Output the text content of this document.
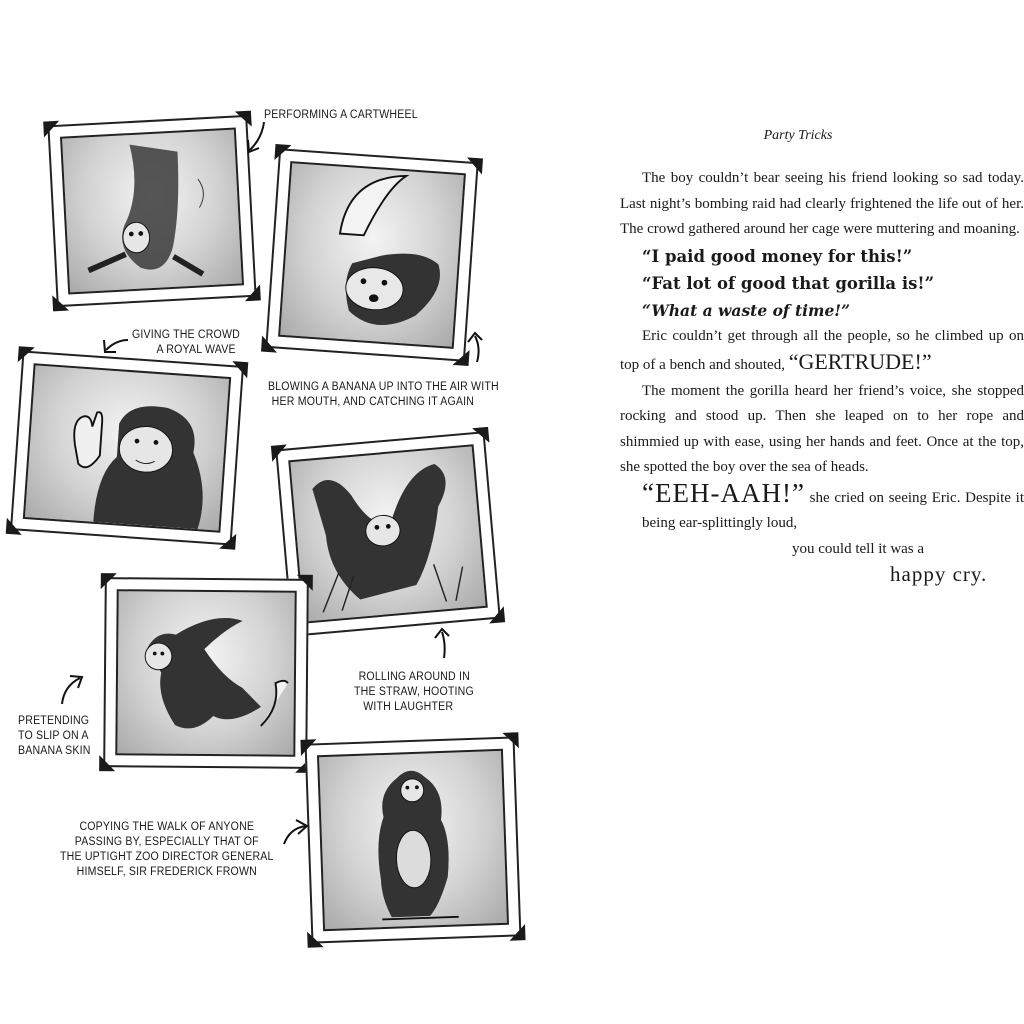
PERFORMING A CARTWHEEL
GIVING THE CROWD
A ROYAL WAVE
BLOWING A BANANA UP INTO THE AIR WITH
HER MOUTH, AND CATCHING IT AGAIN
ROLLING AROUND IN
THE STRAW, HOOTING
WITH LAUGHTER
PRETENDING
TO SLIP ON A
BANANA SKIN
COPYING THE WALK OF ANYONE
PASSING BY, ESPECIALLY THAT OF
THE UPTIGHT ZOO DIRECTOR GENERAL
HIMSELF, SIR FREDERICK FROWN
Party Tricks

The boy couldn’t bear seeing his friend looking so sad today. Last night’s bombing raid had clearly frightened the life out of her. The crowd gathered around her cage were muttering and moaning.

“I paid good money for this!”

“Fat lot of good that gorilla is!”

“What a waste of time!”

Eric couldn’t get through all the people, so he climbed up on top of a bench and shouted, “GERTRUDE!”

The moment the gorilla heard her friend’s voice, she stopped rocking and stood up. Then she leaped on to her rope and shimmied up with ease, using her hands and feet. Once at the top, she spotted the boy over the sea of heads.

“EEH-AAH!” she cried on seeing Eric. Despite it being ear-splittingly loud,

you could tell it was a

happy cry.
